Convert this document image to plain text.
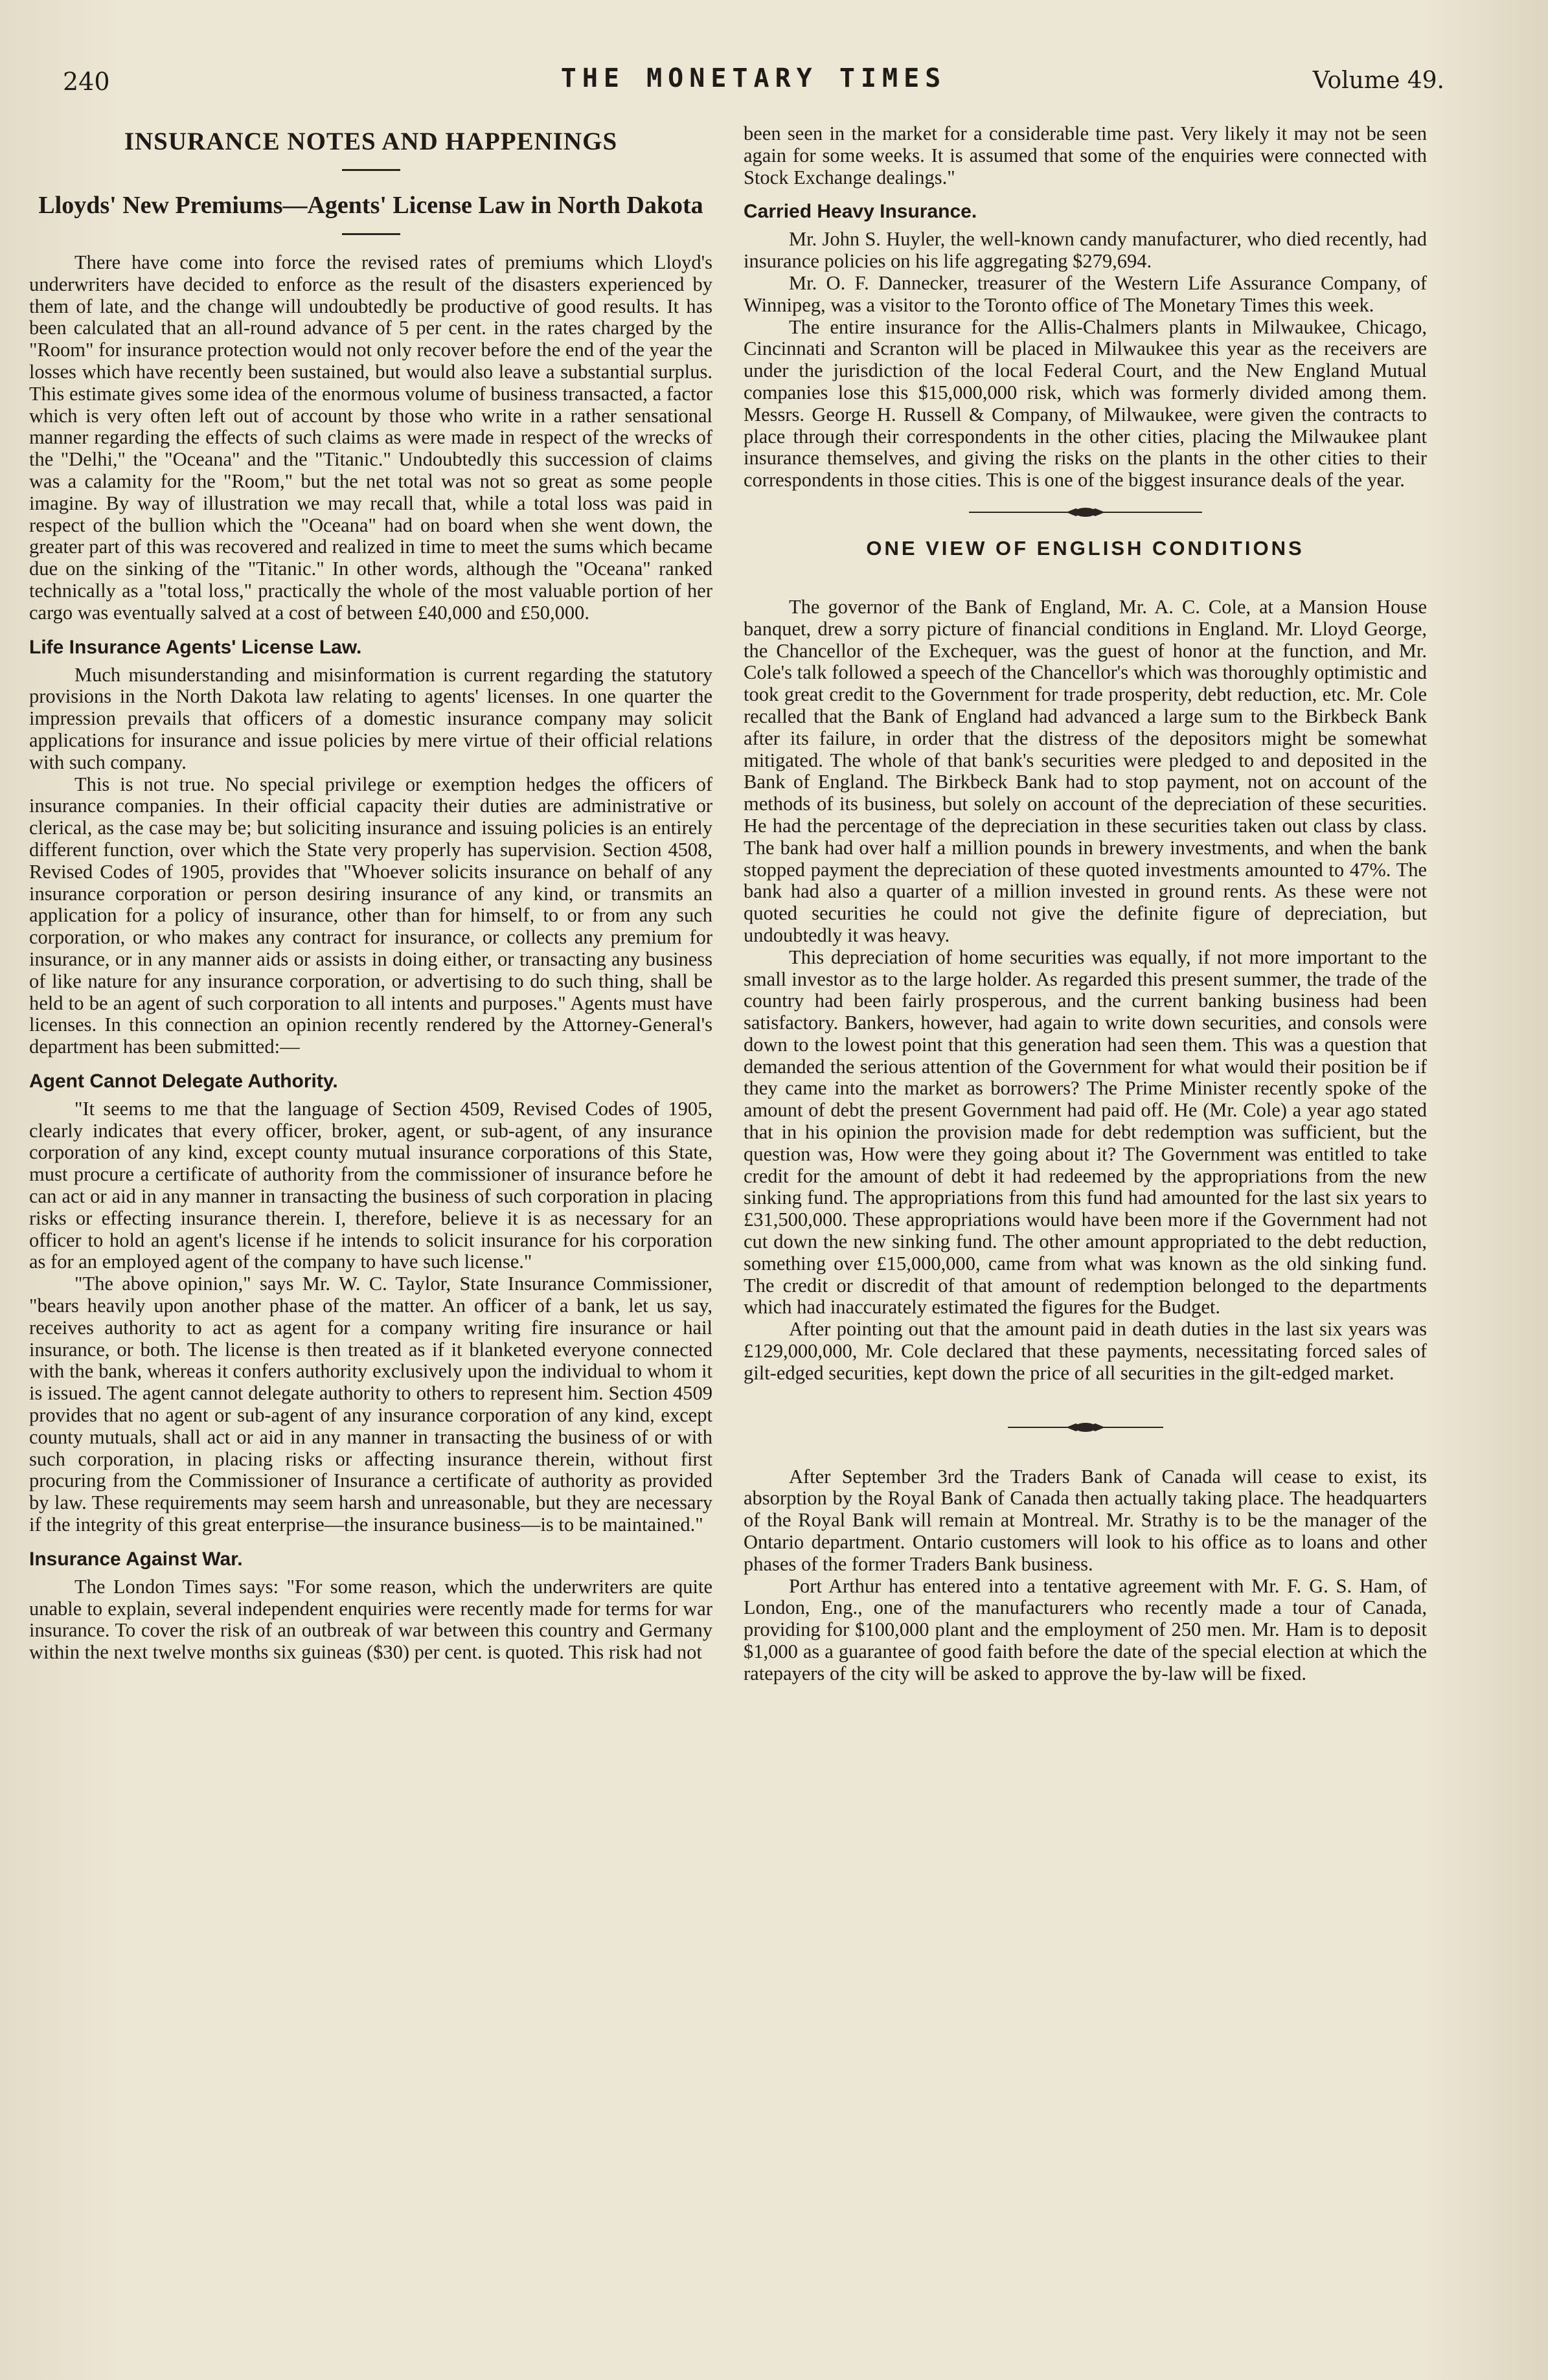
240	THE MONETARY TIMES	Volume 49.
INSURANCE NOTES AND HAPPENINGS
Lloyds' New Premiums—Agents' License Law in North Dakota

There have come into force the revised rates of premiums which Lloyd's underwriters have decided to enforce as the result of the disasters experienced by them of late, and the change will undoubtedly be productive of good results. It has been calculated that an all-round advance of 5 per cent. in the rates charged by the "Room" for insurance protection would not only recover before the end of the year the losses which have recently been sustained, but would also leave a substantial surplus. This estimate gives some idea of the enormous volume of business transacted, a factor which is very often left out of account by those who write in a rather sensational manner regarding the effects of such claims as were made in respect of the wrecks of the "Delhi," the "Oceana" and the "Titanic." Undoubtedly this succession of claims was a calamity for the "Room," but the net total was not so great as some people imagine. By way of illustration we may recall that, while a total loss was paid in respect of the bullion which the "Oceana" had on board when she went down, the greater part of this was recovered and realized in time to meet the sums which became due on the sinking of the "Titanic." In other words, although the "Oceana" ranked technically as a "total loss," practically the whole of the most valuable portion of her cargo was eventually salved at a cost of between £40,000 and £50,000.

Life Insurance Agents' License Law.

Much misunderstanding and misinformation is current regarding the statutory provisions in the North Dakota law relating to agents' licenses. In one quarter the impression prevails that officers of a domestic insurance company may solicit applications for insurance and issue policies by mere virtue of their official relations with such company.

This is not true. No special privilege or exemption hedges the officers of insurance companies. In their official capacity their duties are administrative or clerical, as the case may be; but soliciting insurance and issuing policies is an entirely different function, over which the State very properly has supervision. Section 4508, Revised Codes of 1905, provides that "Whoever solicits insurance on behalf of any insurance corporation or person desiring insurance of any kind, or transmits an application for a policy of insurance, other than for himself, to or from any such corporation, or who makes any contract for insurance, or collects any premium for insurance, or in any manner aids or assists in doing either, or transacting any business of like nature for any insurance corporation, or advertising to do such thing, shall be held to be an agent of such corporation to all intents and purposes." Agents must have licenses. In this connection an opinion recently rendered by the Attorney-General's department has been submitted:—

Agent Cannot Delegate Authority.

"It seems to me that the language of Section 4509, Revised Codes of 1905, clearly indicates that every officer, broker, agent, or sub-agent, of any insurance corporation of any kind, except county mutual insurance corporations of this State, must procure a certificate of authority from the commissioner of insurance before he can act or aid in any manner in transacting the business of such corporation in placing risks or effecting insurance therein. I, therefore, believe it is as necessary for an officer to hold an agent's license if he intends to solicit insurance for his corporation as for an employed agent of the company to have such license."

"The above opinion," says Mr. W. C. Taylor, State Insurance Commissioner, "bears heavily upon another phase of the matter. An officer of a bank, let us say, receives authority to act as agent for a company writing fire insurance or hail insurance, or both. The license is then treated as if it blanketed everyone connected with the bank, whereas it confers authority exclusively upon the individual to whom it is issued. The agent cannot delegate authority to others to represent him. Section 4509 provides that no agent or sub-agent of any insurance corporation of any kind, except county mutuals, shall act or aid in any manner in transacting the business of or with such corporation, in placing risks or affecting insurance therein, without first procuring from the Commissioner of Insurance a certificate of authority as provided by law. These requirements may seem harsh and unreasonable, but they are necessary if the integrity of this great enterprise—the insurance business—is to be maintained."

Insurance Against War.

The London Times says: "For some reason, which the underwriters are quite unable to explain, several independent enquiries were recently made for terms for war insurance. To cover the risk of an outbreak of war between this country and Germany within the next twelve months six guineas ($30) per cent. is quoted. This risk had not

been seen in the market for a considerable time past. Very likely it may not be seen again for some weeks. It is assumed that some of the enquiries were connected with Stock Exchange dealings."

Carried Heavy Insurance.

Mr. John S. Huyler, the well-known candy manufacturer, who died recently, had insurance policies on his life aggregating $279,694.

Mr. O. F. Dannecker, treasurer of the Western Life Assurance Company, of Winnipeg, was a visitor to the Toronto office of The Monetary Times this week.

The entire insurance for the Allis-Chalmers plants in Milwaukee, Chicago, Cincinnati and Scranton will be placed in Milwaukee this year as the receivers are under the jurisdiction of the local Federal Court, and the New England Mutual companies lose this $15,000,000 risk, which was formerly divided among them. Messrs. George H. Russell & Company, of Milwaukee, were given the contracts to place through their correspondents in the other cities, placing the Milwaukee plant insurance themselves, and giving the risks on the plants in the other cities to their correspondents in those cities. This is one of the biggest insurance deals of the year.

ONE VIEW OF ENGLISH CONDITIONS

The governor of the Bank of England, Mr. A. C. Cole, at a Mansion House banquet, drew a sorry picture of financial conditions in England. Mr. Lloyd George, the Chancellor of the Exchequer, was the guest of honor at the function, and Mr. Cole's talk followed a speech of the Chancellor's which was thoroughly optimistic and took great credit to the Government for trade prosperity, debt reduction, etc. Mr. Cole recalled that the Bank of England had advanced a large sum to the Birkbeck Bank after its failure, in order that the distress of the depositors might be somewhat mitigated. The whole of that bank's securities were pledged to and deposited in the Bank of England. The Birkbeck Bank had to stop payment, not on account of the methods of its business, but solely on account of the depreciation of these securities. He had the percentage of the depreciation in these securities taken out class by class. The bank had over half a million pounds in brewery investments, and when the bank stopped payment the depreciation of these quoted investments amounted to 47%. The bank had also a quarter of a million invested in ground rents. As these were not quoted securities he could not give the definite figure of depreciation, but undoubtedly it was heavy.

This depreciation of home securities was equally, if not more important to the small investor as to the large holder. As regarded this present summer, the trade of the country had been fairly prosperous, and the current banking business had been satisfactory. Bankers, however, had again to write down securities, and consols were down to the lowest point that this generation had seen them. This was a question that demanded the serious attention of the Government for what would their position be if they came into the market as borrowers? The Prime Minister recently spoke of the amount of debt the present Government had paid off. He (Mr. Cole) a year ago stated that in his opinion the provision made for debt redemption was sufficient, but the question was, How were they going about it? The Government was entitled to take credit for the amount of debt it had redeemed by the appropriations from the new sinking fund. The appropriations from this fund had amounted for the last six years to £31,500,000. These appropriations would have been more if the Government had not cut down the new sinking fund. The other amount appropriated to the debt reduction, something over £15,000,000, came from what was known as the old sinking fund. The credit or discredit of that amount of redemption belonged to the departments which had inaccurately estimated the figures for the Budget.

After pointing out that the amount paid in death duties in the last six years was £129,000,000, Mr. Cole declared that these payments, necessitating forced sales of gilt-edged securities, kept down the price of all securities in the gilt-edged market.

After September 3rd the Traders Bank of Canada will cease to exist, its absorption by the Royal Bank of Canada then actually taking place. The headquarters of the Royal Bank will remain at Montreal. Mr. Strathy is to be the manager of the Ontario department. Ontario customers will look to his office as to loans and other phases of the former Traders Bank business.

Port Arthur has entered into a tentative agreement with Mr. F. G. S. Ham, of London, Eng., one of the manufacturers who recently made a tour of Canada, providing for $100,000 plant and the employment of 250 men. Mr. Ham is to deposit $1,000 as a guarantee of good faith before the date of the special election at which the ratepayers of the city will be asked to approve the by-law will be fixed.
